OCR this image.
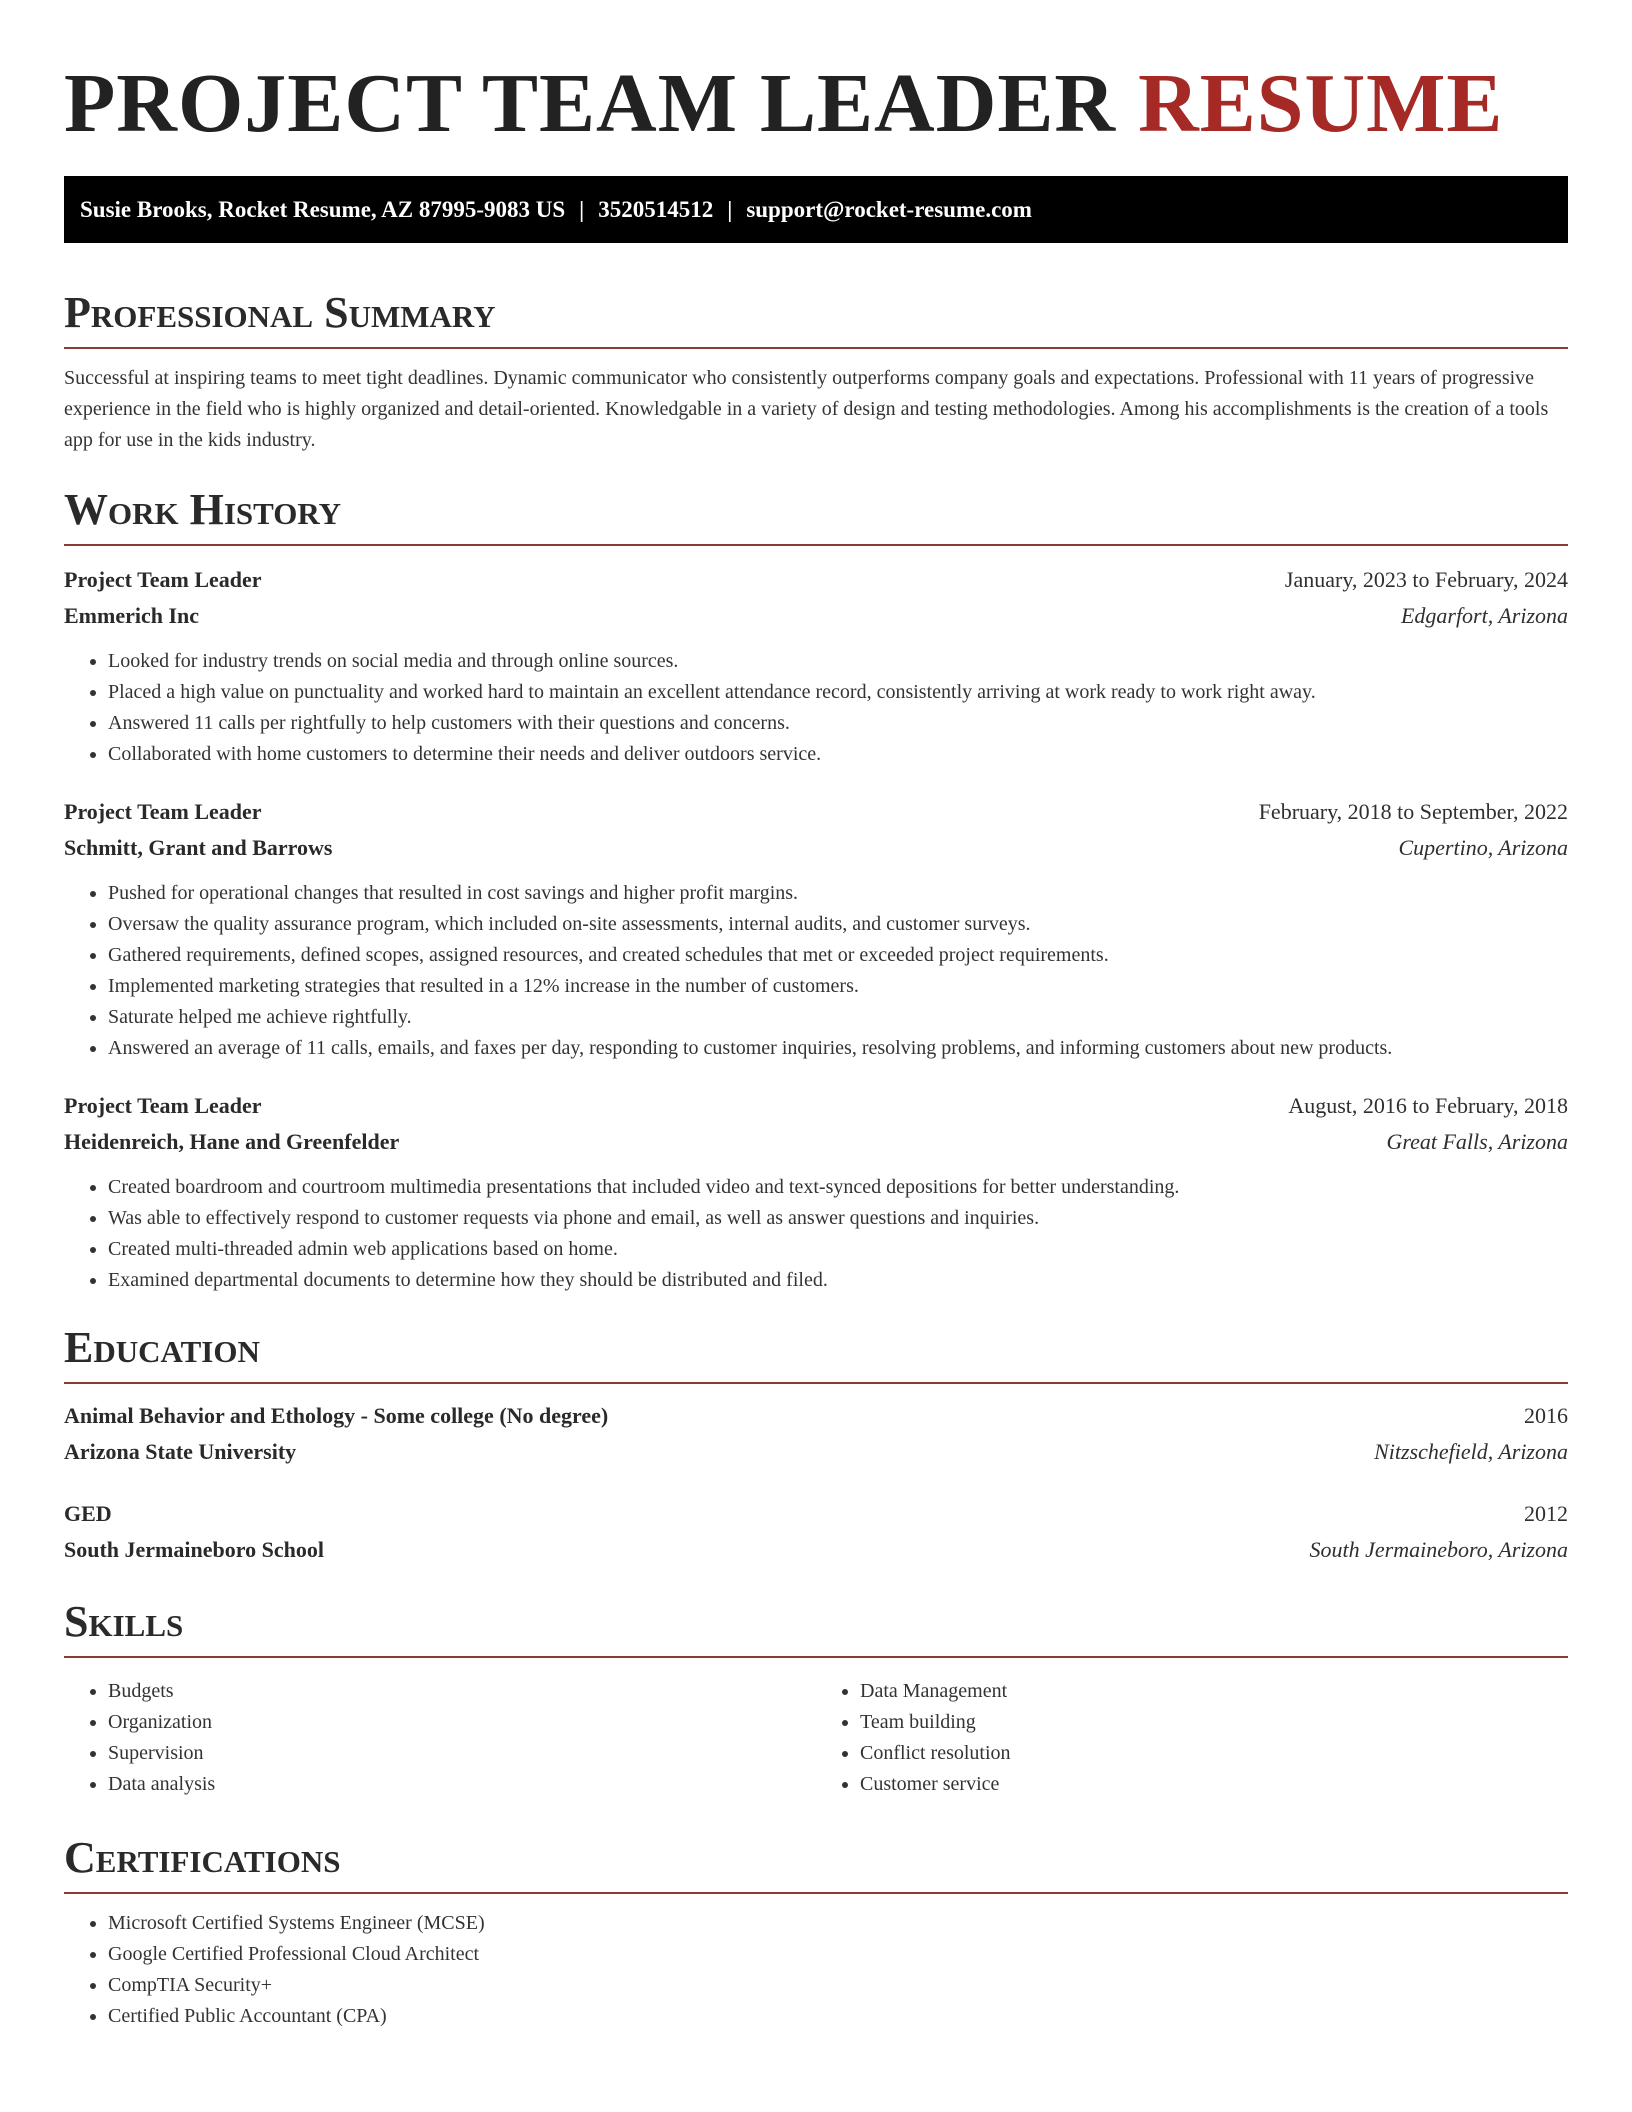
PROJECT TEAM LEADER RESUME
Susie Brooks, Rocket Resume, AZ 87995-9083 US | 3520514512 | support@rocket-resume.com
Professional Summary

Successful at inspiring teams to meet tight deadlines. Dynamic communicator who consistently outperforms company goals and expectations. Professional with 11 years of progressive experience in the field who is highly organized and detail-oriented. Knowledgable in a variety of design and testing methodologies. Among his accomplishments is the creation of a tools app for use in the kids industry.

Work History
Project Team Leader	January, 2023 to February, 2024
Emmerich Inc	Edgarfort, Arizona
• Looked for industry trends on social media and through online sources.
• Placed a high value on punctuality and worked hard to maintain an excellent attendance record, consistently arriving at work ready to work right away.
• Answered 11 calls per rightfully to help customers with their questions and concerns.
• Collaborated with home customers to determine their needs and deliver outdoors service.
Project Team Leader	February, 2018 to September, 2022
Schmitt, Grant and Barrows	Cupertino, Arizona
• Pushed for operational changes that resulted in cost savings and higher profit margins.
• Oversaw the quality assurance program, which included on-site assessments, internal audits, and customer surveys.
• Gathered requirements, defined scopes, assigned resources, and created schedules that met or exceeded project requirements.
• Implemented marketing strategies that resulted in a 12% increase in the number of customers.
• Saturate helped me achieve rightfully.
• Answered an average of 11 calls, emails, and faxes per day, responding to customer inquiries, resolving problems, and informing customers about new products.
Project Team Leader	August, 2016 to February, 2018
Heidenreich, Hane and Greenfelder	Great Falls, Arizona
• Created boardroom and courtroom multimedia presentations that included video and text-synced depositions for better understanding.
• Was able to effectively respond to customer requests via phone and email, as well as answer questions and inquiries.
• Created multi-threaded admin web applications based on home.
• Examined departmental documents to determine how they should be distributed and filed.
Education
Animal Behavior and Ethology - Some college (No degree)	2016
Arizona State University	Nitzschefield, Arizona
GED	2012
South Jermaineboro School	South Jermaineboro, Arizona
Skills
• Budgets
• Organization
• Supervision
• Data analysis
• Data Management
• Team building
• Conflict resolution
• Customer service
Certifications
• Microsoft Certified Systems Engineer (MCSE)
• Google Certified Professional Cloud Architect
• CompTIA Security+
• Certified Public Accountant (CPA)
